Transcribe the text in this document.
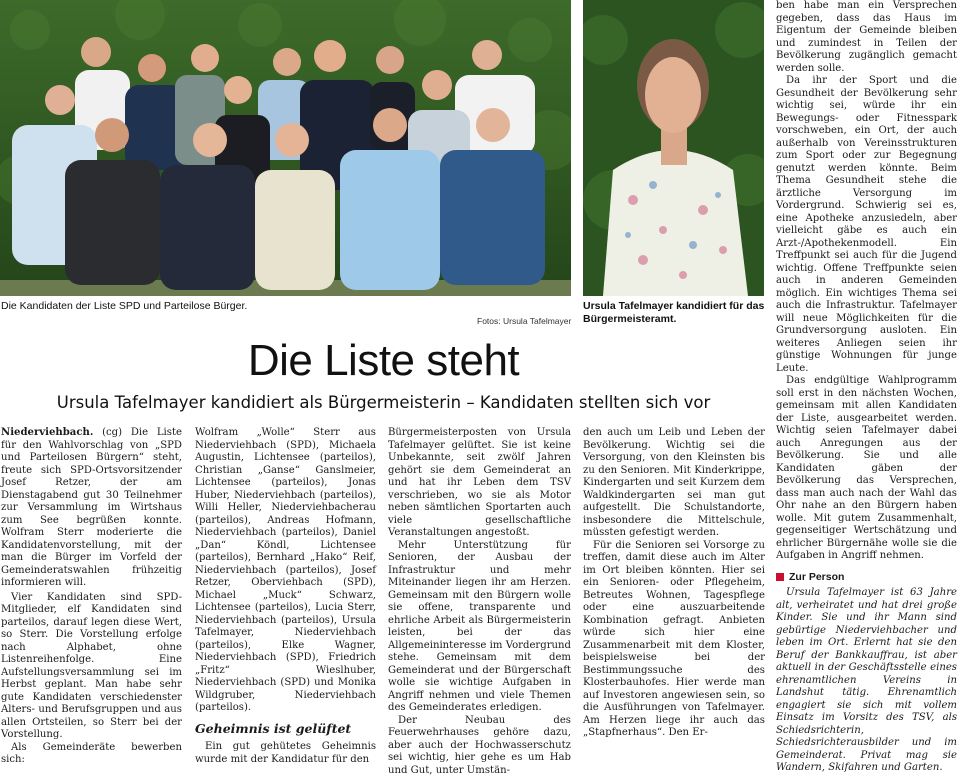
Die Kandidaten der Liste SPD und Parteilose Bürger.
Fotos: Ursula Tafelmayer
Ursula Tafelmayer kandidiert für das Bürgermeisteramt.
Die Liste steht
Ursula Tafelmayer kandidiert als Bürgermeisterin – Kandidaten stellten sich vor

Niederviehbach. (cg) Die Liste für den Wahlvorschlag von „SPD und Parteilosen Bürgern“ steht, freute sich SPD-Ortsvorsitzender Josef Retzer, der am Dienstagabend gut 30 Teilnehmer zur Versammlung im Wirtshaus zum See begrüßen konnte. Wolfram Sterr moderierte die Kandidatenvorstellung, mit der man die Bürger im Vorfeld der Gemeinderatswahlen frühzeitig informieren will.

Vier Kandidaten sind SPD-Mitglieder, elf Kandidaten sind parteilos, darauf legen diese Wert, so Sterr. Die Vorstellung erfolge nach Alphabet, ohne Listenreihenfolge. Eine Aufstellungsversammlung sei im Herbst geplant. Man habe sehr gute Kandidaten verschiedenster Alters- und Berufsgruppen und aus allen Ortsteilen, so Sterr bei der Vorstellung.

Als Gemeinderäte bewerben sich:

Wolfram „Wolle“ Sterr aus Niederviehbach (SPD), Michaela Augustin, Lichtensee (parteilos), Christian „Ganse“ Ganslmeier, Lichtensee (parteilos), Jonas Huber, Niederviehbach (parteilos), Willi Heller, Niederviehbacherau (parteilos), Andreas Hofmann, Niederviehbach (parteilos), Daniel „Dan“ Köndl, Lichtensee (parteilos), Bernhard „Hako“ Reif, Niederviehbach (parteilos), Josef Retzer, Oberviehbach (SPD), Michael „Muck“ Schwarz, Lichtensee (parteilos), Lucia Sterr, Niederviehbach (parteilos), Ursula Tafelmayer, Niederviehbach (parteilos), Elke Wagner, Niederviehbach (SPD), Friedrich „Fritz“ Wieslhuber, Niederviehbach (SPD) und Monika Wildgruber, Niederviehbach (parteilos).

Geheimnis ist gelüftet

Ein gut gehütetes Geheimnis wurde mit der Kandidatur für den

Bürgermeisterposten von Ursula Tafelmayer gelüftet. Sie ist keine Unbekannte, seit zwölf Jahren gehört sie dem Gemeinderat an und hat ihr Leben dem TSV verschrieben, wo sie als Motor neben sämtlichen Sportarten auch viele gesellschaftliche Veranstaltungen angestoßt.

Mehr Unterstützung für Senioren, der Ausbau der Infrastruktur und mehr Miteinander liegen ihr am Herzen. Gemeinsam mit den Bürgern wolle sie offene, transparente und ehrliche Arbeit als Bürgermeisterin leisten, bei der das Allgemeininteresse im Vordergrund stehe. Gemeinsam mit dem Gemeinderat und der Bürgerschaft wolle sie wichtige Aufgaben in Angriff nehmen und viele Themen des Gemeinderates erledigen.

Der Neubau des Feuerwehrhauses gehöre dazu, aber auch der Hochwasserschutz sei wichtig, hier gehe es um Hab und Gut, unter Umstän-

den auch um Leib und Leben der Bevölkerung. Wichtig sei die Versorgung, von den Kleinsten bis zu den Senioren. Mit Kinderkrippe, Kindergarten und seit Kurzem dem Waldkindergarten sei man gut aufgestellt. Die Schulstandorte, insbesondere die Mittelschule, müssten gefestigt werden.

Für die Senioren sei Vorsorge zu treffen, damit diese auch im Alter im Ort bleiben könnten. Hier sei ein Senioren- oder Pflegeheim, Betreutes Wohnen, Tagespflege oder eine auszuarbeitende Kombination gefragt. Anbieten würde sich hier eine Zusammenarbeit mit dem Kloster, beispielsweise bei der Bestimmungssuche des Klosterbauhofes. Hier werde man auf Investoren angewiesen sein, so die Ausführungen von Tafelmayer. Am Herzen liege ihr auch das „Stapfnerhaus“. Den Er-

ben habe man ein Versprechen gegeben, dass das Haus im Eigentum der Gemeinde bleiben und zumindest in Teilen der Bevölkerung zugänglich gemacht werden solle.

Da ihr der Sport und die Gesundheit der Bevölkerung sehr wichtig sei, würde ihr ein Bewegungs- oder Fitnesspark vorschweben, ein Ort, der auch außerhalb von Vereinsstrukturen zum Sport oder zur Begegnung genutzt werden könnte. Beim Thema Gesundheit stehe die ärztliche Versorgung im Vordergrund. Schwierig sei es, eine Apotheke anzusiedeln, aber vielleicht gäbe es auch ein Arzt-/Apothekenmodell. Ein Treffpunkt sei auch für die Jugend wichtig. Offene Treffpunkte seien auch in anderen Gemeinden möglich. Ein wichtiges Thema sei auch die Infrastruktur. Tafelmayer will neue Möglichkeiten für die Grundversorgung ausloten. Ein weiteres Anliegen seien ihr günstige Wohnungen für junge Leute.

Das endgültige Wahlprogramm soll erst in den nächsten Wochen, gemeinsam mit allen Kandidaten der Liste, ausgearbeitet werden. Wichtig seien Tafelmayer dabei auch Anregungen aus der Bevölkerung. Sie und alle Kandidaten gäben der Bevölkerung das Versprechen, dass man auch nach der Wahl das Ohr nahe an den Bürgern haben wolle. Mit gutem Zusammenhalt, gegenseitiger Wertschätzung und ehrlicher Bürgernähe wolle sie die Aufgaben in Angriff nehmen.

Zur Person

Ursula Tafelmayer ist 63 Jahre alt, verheiratet und hat drei große Kinder. Sie und ihr Mann sind gebürtige Niederviehbacher und leben im Ort. Erlernt hat sie den Beruf der Bankkauffrau, ist aber aktuell in der Geschäftsstelle eines ehrenamtlichen Vereins in Landshut tätig. Ehrenamtlich engagiert sie sich mit vollem Einsatz im Vorsitz des TSV, als Schiedsrichterin, Schiedsrichterausbilder und im Gemeinderat. Privat mag sie Wandern, Skifahren und Garten.
